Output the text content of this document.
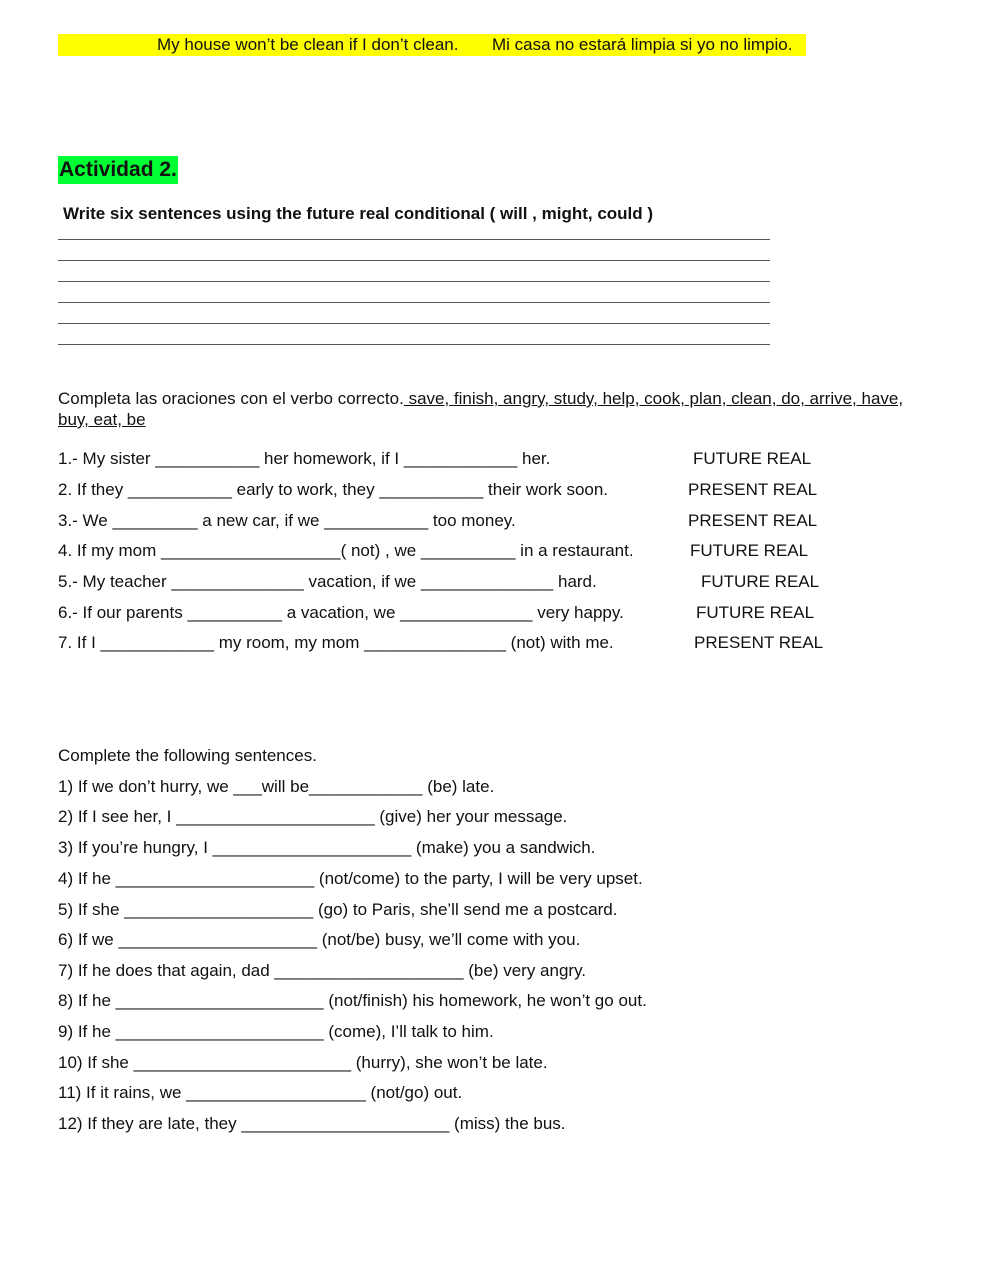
My house won’t be clean if I don’t clean.

Mi casa no estará limpia si yo no limpio.

Actividad 2.
Write six sentences using the future real conditional ( will , might, could )
Completa las oraciones con el verbo correcto. save, finish, angry, study, help, cook, plan, clean, do, arrive, have, buy, eat, be
1.- My sister ___________ her homework, if I ____________ her.	FUTURE REAL
2. If they ___________ early to work, they ___________ their work soon.	PRESENT REAL
3.- We _________ a new car, if we ___________ too money.	PRESENT REAL
4. If my mom ___________________( not) , we __________ in a restaurant.	FUTURE REAL
5.- My teacher ______________ vacation, if we ______________ hard.	FUTURE REAL
6.- If our parents __________ a vacation, we ______________ very happy.	FUTURE REAL
7. If I ____________ my room, my mom _______________ (not) with me.	PRESENT REAL
Complete the following sentences.
1) If we don’t hurry, we ___will be____________ (be) late.
2) If I see her, I _____________________ (give) her your message.
3) If you’re hungry, I _____________________ (make) you a sandwich.
4) If he _____________________ (not/come) to the party, I will be very upset.
5) If she ____________________ (go) to Paris, she’ll send me a postcard.
6) If we _____________________ (not/be) busy, we’ll come with you.
7) If he does that again, dad ____________________ (be) very angry.
8) If he ______________________ (not/finish) his homework, he won’t go out.
9) If he ______________________ (come), I’ll talk to him.
10) If she _______________________ (hurry), she won’t be late.
11) If it rains, we ___________________ (not/go) out.
12) If they are late, they ______________________ (miss) the bus.
